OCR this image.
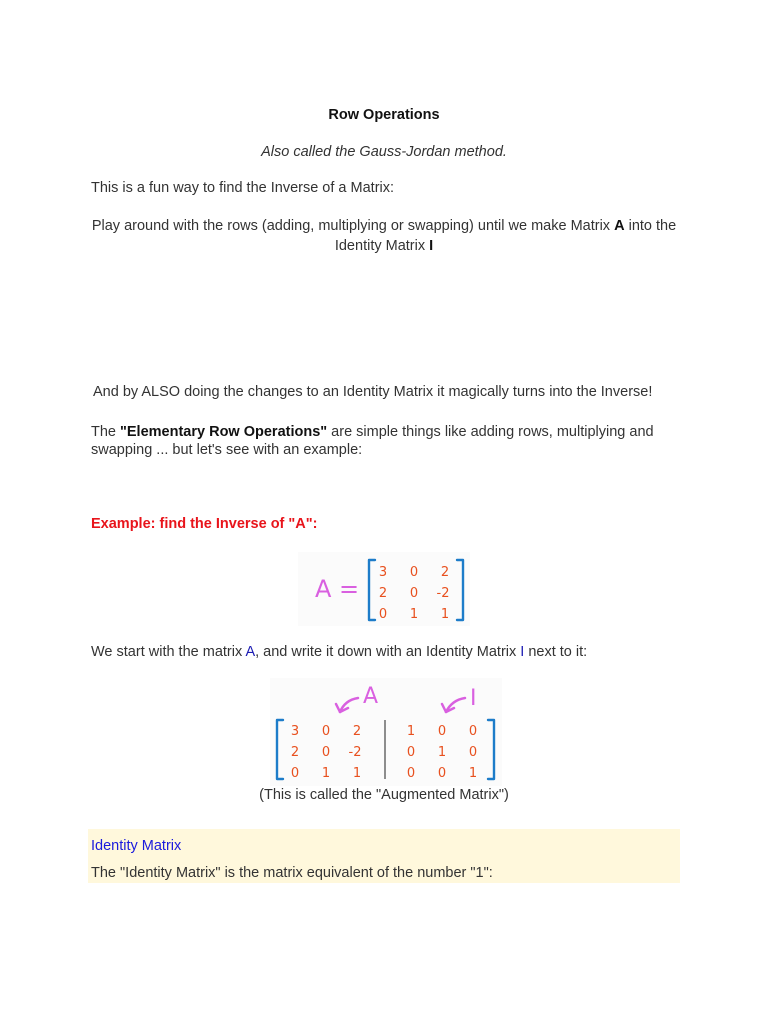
Row Operations
Also called the Gauss-Jordan method.
This is a fun way to find the Inverse of a Matrix:
Play around with the rows (adding, multiplying or swapping) until we make Matrix A into the Identity Matrix I
And by ALSO doing the changes to an Identity Matrix it magically turns into the Inverse!
The "Elementary Row Operations" are simple things like adding rows, multiplying and swapping ... but let's see with an example:
Example: find the Inverse of "A":
A =
3 0 2
2 0 -2
0 1 1
We start with the matrix A, and write it down with an Identity Matrix I next to it:
A	I
3 0 2
2 0 -2
0 1 1
1 0 0
0 1 0
0 0 1
(This is called the "Augmented Matrix")
Identity Matrix
The "Identity Matrix" is the matrix equivalent of the number "1":
